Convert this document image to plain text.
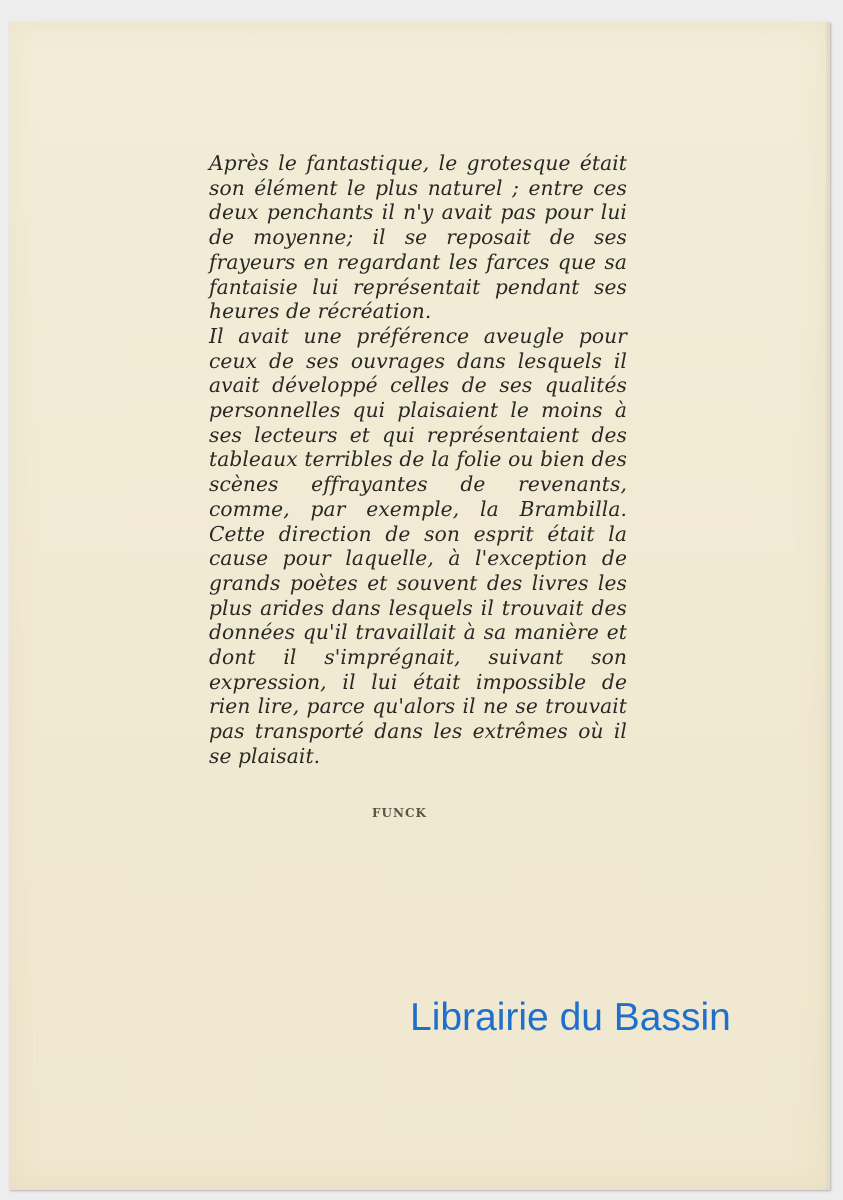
Après le fantastique, le grotesque était son élément le plus naturel ; entre ces deux penchants il n'y avait pas pour lui de moyenne; il se reposait de ses frayeurs en regardant les farces que sa fantaisie lui représentait pendant ses heures de récréation.

Il avait une préférence aveugle pour ceux de ses ouvrages dans lesquels il avait développé celles de ses qualités personnelles qui plaisaient le moins à ses lecteurs et qui représentaient des tableaux terribles de la folie ou bien des scènes effrayantes de revenants, comme, par exemple, la Brambilla. Cette direction de son esprit était la cause pour laquelle, à l'exception de grands poètes et souvent des livres les plus arides dans lesquels il trouvait des données qu'il travaillait à sa manière et dont il s'imprégnait, suivant son expression, il lui était impossible de rien lire, parce qu'alors il ne se trouvait pas transporté dans les extrêmes où il se plaisait.

FUNCK
Librairie du Bassin
